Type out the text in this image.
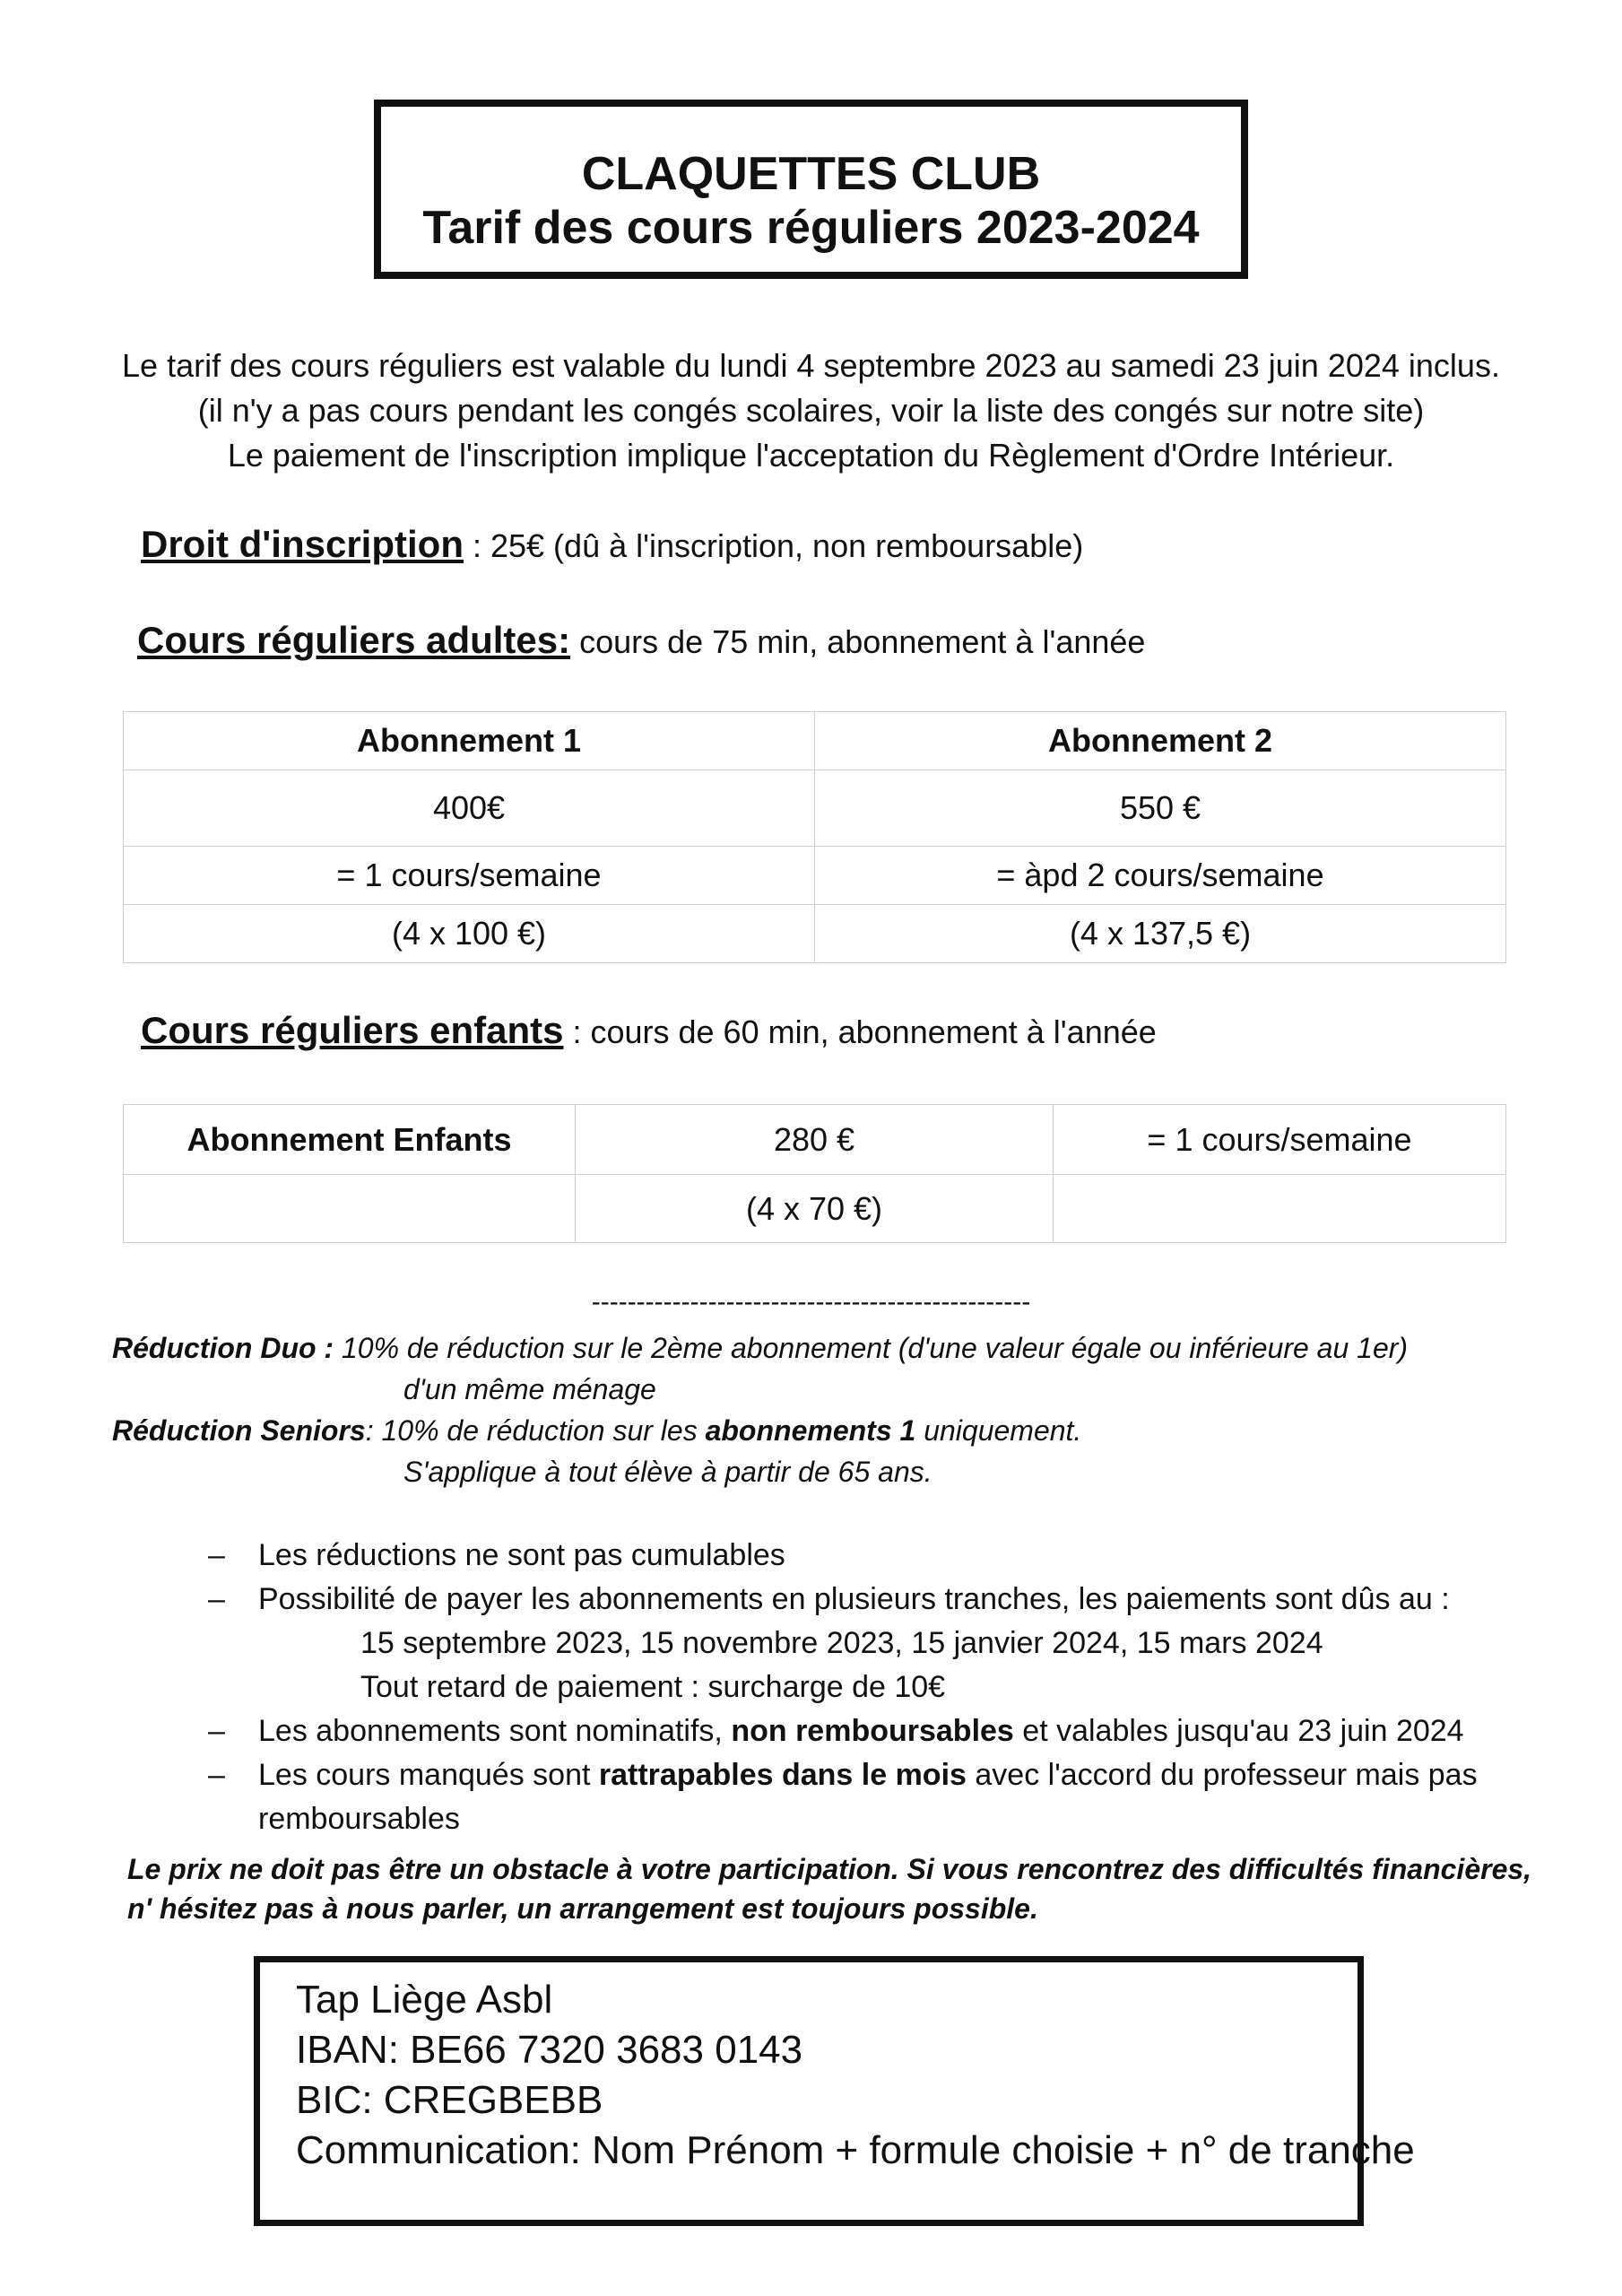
CLAQUETTES CLUB
Tarif des cours réguliers 2023-2024
Le tarif des cours réguliers est valable du lundi 4 septembre 2023 au samedi 23 juin 2024 inclus.
(il n'y a pas cours pendant les congés scolaires, voir la liste des congés sur notre site)
Le paiement de l'inscription implique l'acceptation du Règlement d'Ordre Intérieur.
Droit d'inscription : 25€ (dû à l'inscription, non remboursable)
Cours réguliers adultes: cours de 75 min, abonnement à l'année
Abonnement 1	Abonnement 2
400€	550 €
= 1 cours/semaine	= àpd 2 cours/semaine
(4 x 100 €)	(4 x 137,5 €)
Cours réguliers enfants : cours de 60 min, abonnement à l'année
Abonnement Enfants	280 €	= 1 cours/semaine
	(4 x 70 €)	
-------------------------------------------------
Réduction Duo : 10% de réduction sur le 2ème abonnement (d'une valeur égale ou inférieure au 1er)
d'un même ménage
Réduction Seniors: 10% de réduction sur les abonnements 1 uniquement.
S'applique à tout élève à partir de 65 ans.
– Les réductions ne sont pas cumulables
– Possibilité de payer les abonnements en plusieurs tranches, les paiements sont dûs au :
15 septembre 2023, 15 novembre 2023, 15 janvier 2024, 15 mars 2024
Tout retard de paiement : surcharge de 10€
– Les abonnements sont nominatifs, non remboursables et valables jusqu'au 23 juin 2024
– Les cours manqués sont rattrapables dans le mois avec l'accord du professeur mais pas
remboursables
Le prix ne doit pas être un obstacle à votre participation. Si vous rencontrez des difficultés financières,
n' hésitez pas à nous parler, un arrangement est toujours possible.
Tap Liège Asbl
IBAN: BE66 7320 3683 0143
BIC: CREGBEBB
Communication: Nom Prénom + formule choisie + n° de tranche
